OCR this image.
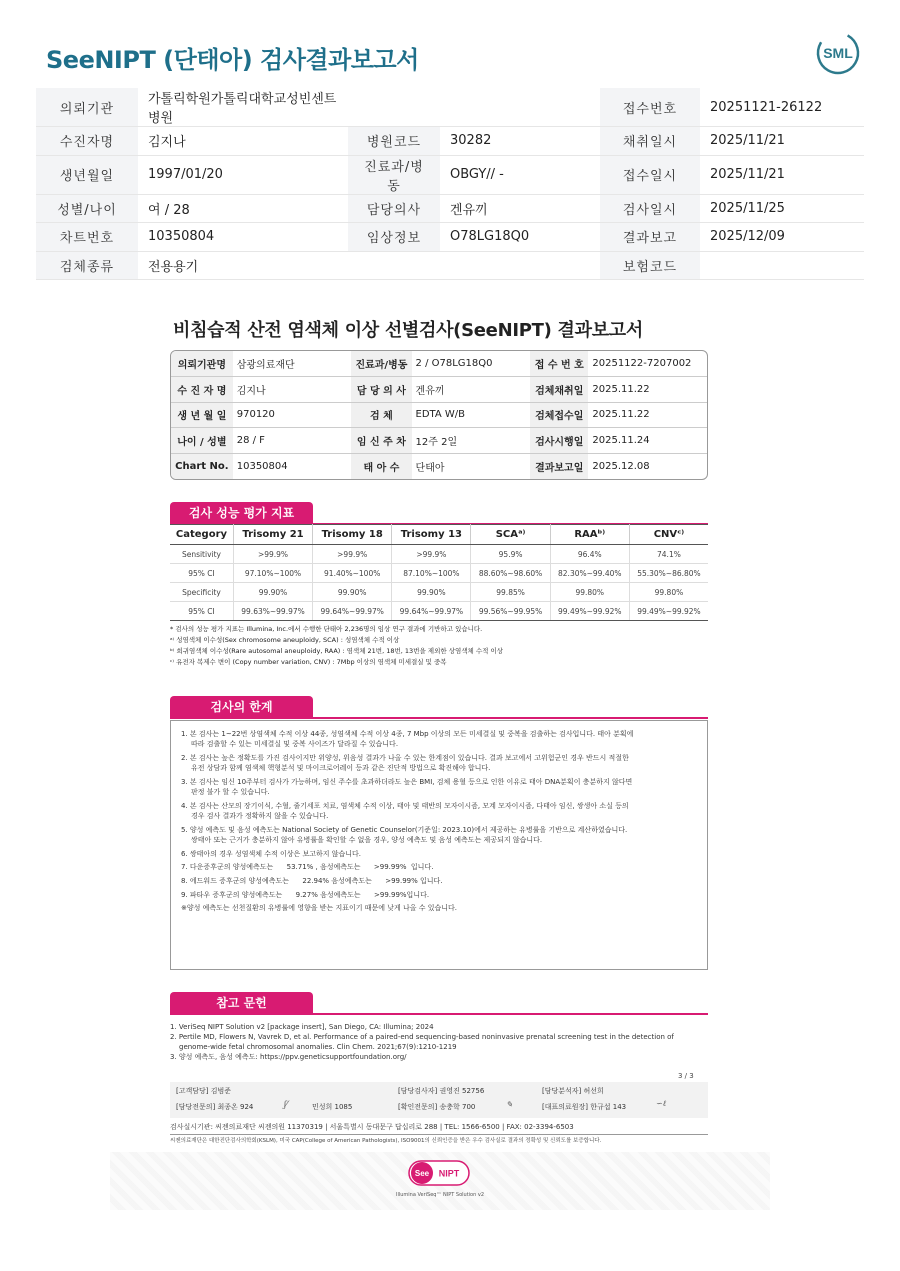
SeeNIPT (단태아) 검사결과보고서	SML
의뢰기관	가톨릭학원가톨릭대학교성빈센트병원			접수번호	20251121-26122
수진자명	김지나	병원코드	30282	채취일시	2025/11/21
생년월일	1997/01/20	진료과/병동	OBGY// -	접수일시	2025/11/21
성별/나이	여 / 28	담당의사	겐유끼	검사일시	2025/11/25
차트번호	10350804	임상정보	O78LG18Q0	결과보고	2025/12/09
검체종류	전용용기			보험코드	
비침습적 산전 염색체 이상 선별검사(SeeNIPT) 결과보고서
의뢰기관명	삼광의료재단	진료과/병동	2 / O78LG18Q0	접 수 번 호	20251122-7207002
수 진 자 명	김지나	담 당 의 사	겐유끼	검체채취일	2025.11.22
생 년 월 일	970120	검 체	EDTA W/B	검체접수일	2025.11.22
나이 / 성별	28 / F	임 신 주 차	12주 2일	검사시행일	2025.11.24
Chart No.	10350804	태 아 수	단태아	결과보고일	2025.12.08
검사 성능 평가 지표
Category	Trisomy 21	Trisomy 18	Trisomy 13	SCAᵃ⁾	RAAᵇ⁾	CNVᶜ⁾
Sensitivity	>99.9%	>99.9%	>99.9%	95.9%	96.4%	74.1%
95% CI	97.10%~100%	91.40%~100%	87.10%~100%	88.60%~98.60%	82.30%~99.40%	55.30%~86.80%
Specificity	99.90%	99.90%	99.90%	99.85%	99.80%	99.80%
95% CI	99.63%~99.97%	99.64%~99.97%	99.64%~99.97%	99.56%~99.95%	99.49%~99.92%	99.49%~99.92%
* 검사의 성능 평가 지표는 Illumina, Inc.에서 수행한 단태아 2,236명의 임상 연구 결과에 기반하고 있습니다.
ᵃ⁾ 성염색체 이수성(Sex chromosome aneuploidy, SCA) : 성염색체 수적 이상
ᵇ⁾ 희귀염색체 이수성(Rare autosomal aneuploidy, RAA) : 염색체 21번, 18번, 13번을 제외한 상염색체 수적 이상
ᶜ⁾ 유전자 복제수 변이 (Copy number variation, CNV) : 7Mbp 이상의 염색체 미세결실 및 중복
검사의 한계

1. 본 검사는 1~22번 상염색체 수적 이상 44종, 성염색체 수적 이상 4종, 7 Mbp 이상의 모든 미세결실 및 중복을 검출하는 검사입니다. 태아 분획에

따라 검출할 수 있는 미세결실 및 중복 사이즈가 달라질 수 있습니다.

2. 본 검사는 높은 정확도를 가진 검사이지만 위양성, 위음성 결과가 나올 수 있는 한계점이 있습니다. 결과 보고에서 고위험군인 경우 반드시 적절한

유전 상담과 함께 염색체 핵형분석 및 마이크로어레이 등과 같은 진단적 방법으로 확진해야 합니다.

3. 본 검사는 임신 10주부터 검사가 가능하며, 임신 주수를 초과하더라도 높은 BMI, 검체 용혈 등으로 인한 이유로 태아 DNA분획이 충분하지 않다면

판정 불가 할 수 있습니다.

4. 본 검사는 산모의 장기이식, 수혈, 줄기세포 치료, 염색체 수적 이상, 태아 및 태반의 모자이시즘, 모계 모자이시즘, 다태아 임신, 쌍생아 소실 등의

경우 검사 결과가 정확하지 않을 수 있습니다.

5. 양성 예측도 및 음성 예측도는 National Society of Genetic Counselor(기준일: 2023.10)에서 제공하는 유병률을 기반으로 계산하였습니다.

쌍태아 또는 근거가 충분하지 않아 유병률을 확인할 수 없을 경우, 양성 예측도 및 음성 예측도는 제공되지 않습니다.

6. 쌍태아의 경우 성염색체 수적 이상은 보고하지 않습니다.

7. 다운증후군의 양성예측도는      53.71% , 음성예측도는      >99.99%  입니다.

8. 에드워드 증후군의 양성예측도는      22.94% 음성예측도는      >99.99% 입니다.

9. 파타우 증후군의 양성예측도는      9.27% 음성예측도는      >99.99%입니다.

※양성 예측도는 선천질환의 유병률에 영향을 받는 지표이기 때문에 낮게 나올 수 있습니다.

참고 문헌
1. VeriSeq NIPT Solution v2 [package insert], San Diego, CA: Illumina; 2024
2. Pertile MD, Flowers N, Vavrek D, et al. Performance of a paired-end sequencing-based noninvasive prenatal screening test in the detection of
genome-wide fetal chromosomal anomalies. Clin Chem. 2021;67(9):1210-1219
3. 양성 예측도, 음성 예측도: https://ppv.geneticsupportfoundation.org/
3 / 3
[고객담당] 김범준	[담당검사자] 권영진 52756	[담당분석자] 허선희
[담당전문의] 최종온 924	ʃ⁄	민성희 1085	[확인전문의] 송충학 700	✎	[대표의료원장] 한규섭 143	∽ℓ
검사실시기관: 씨젠의료재단 씨젠의원 11370319 | 서울특별시 동대문구 답십리로 288 | TEL: 1566-6500 | FAX: 02-3394-6503
씨젠의료재단은 대한진단검사의학회(KSLM), 미국 CAP(College of American Pathologists), ISO9001의 신뢰인증을 받은 우수 검사실로 결과의 정확성 및 신뢰도를 보증합니다.
See NIPT
Illumina VeriSeq™ NIPT Solution v2
